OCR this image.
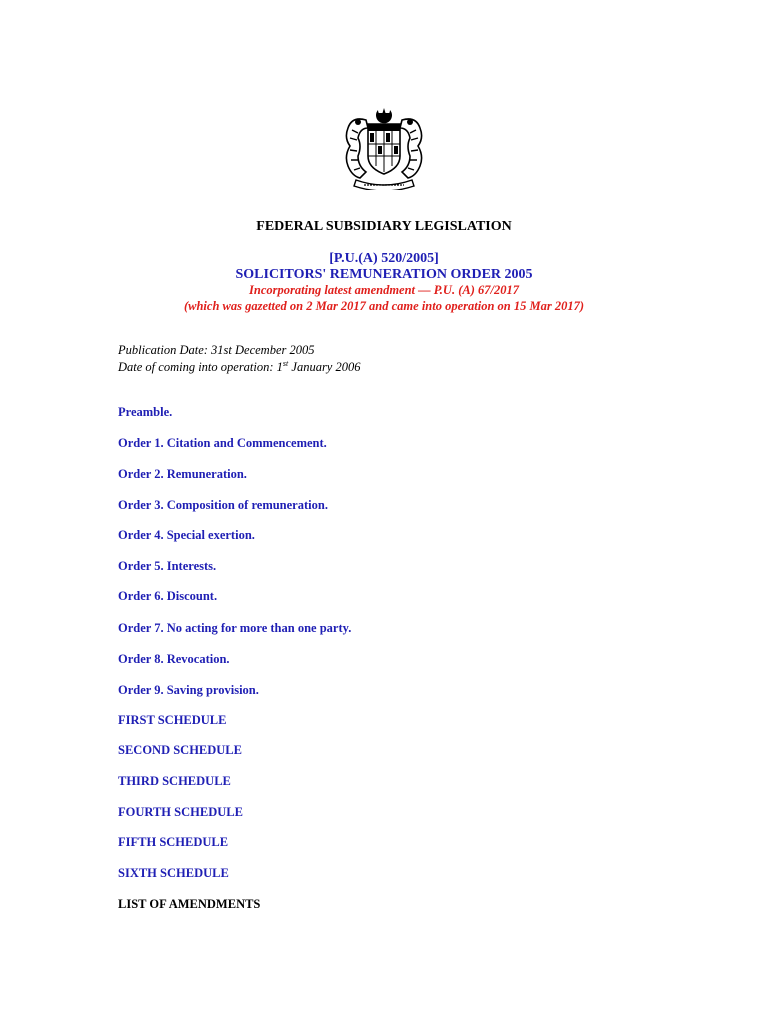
FEDERAL SUBSIDIARY LEGISLATION
[P.U.(A) 520/2005]
SOLICITORS' REMUNERATION ORDER 2005
Incorporating latest amendment — P.U. (A) 67/2017
(which was gazetted on 2 Mar 2017 and came into operation on 15 Mar 2017)
Publication Date: 31st December 2005
Date of coming into operation: 1st January 2006
Preamble.
Order 1. Citation and Commencement.
Order 2. Remuneration.
Order 3. Composition of remuneration.
Order 4. Special exertion.
Order 5. Interests.
Order 6. Discount.
Order 7. No acting for more than one party.
Order 8. Revocation.
Order 9. Saving provision.
FIRST SCHEDULE
SECOND SCHEDULE
THIRD SCHEDULE
FOURTH SCHEDULE
FIFTH SCHEDULE
SIXTH SCHEDULE
LIST OF AMENDMENTS
